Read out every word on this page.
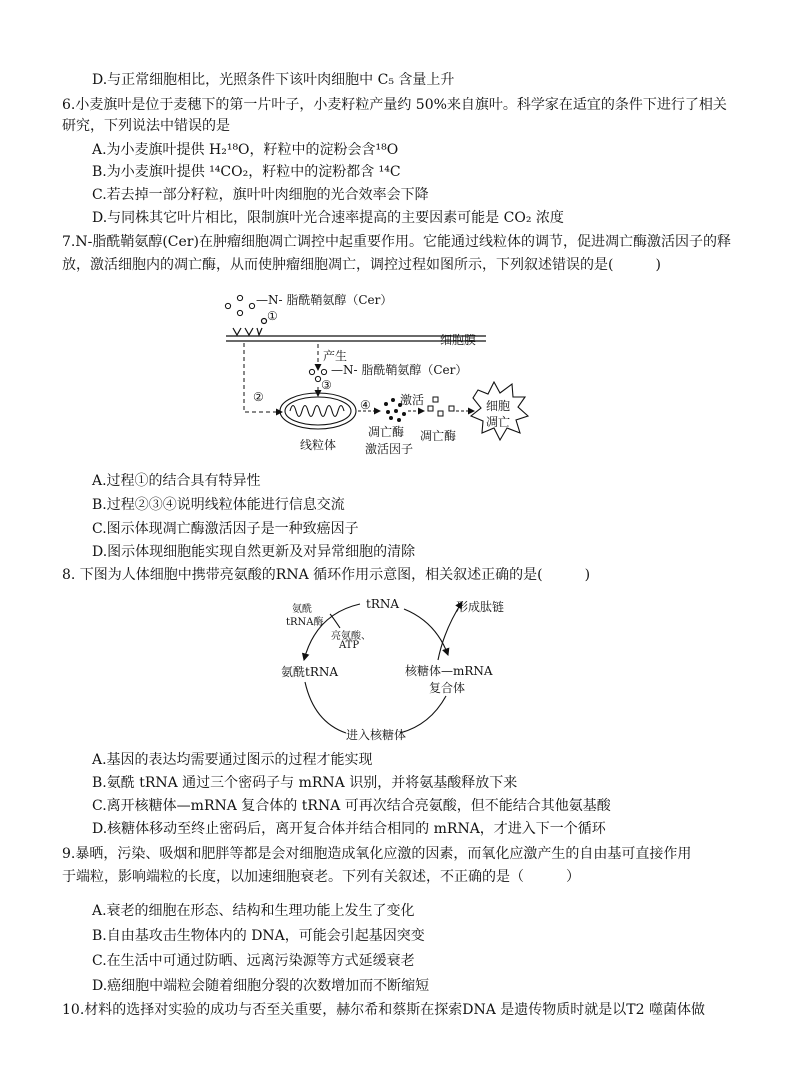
D.与正常细胞相比，光照条件下该叶肉细胞中 C₅ 含量上升
6.小麦旗叶是位于麦穗下的第一片叶子，小麦籽粒产量约 50%来自旗叶。科学家在适宜的条件下进行了相关
研究，下列说法中错误的是
A.为小麦旗叶提供 H₂¹⁸O，籽粒中的淀粉会含¹⁸O
B.为小麦旗叶提供 ¹⁴CO₂，籽粒中的淀粉都含 ¹⁴C
C.若去掉一部分籽粒，旗叶叶肉细胞的光合效率会下降
D.与同株其它叶片相比，限制旗叶光合速率提高的主要因素可能是 CO₂ 浓度
7.N-脂酰鞘氨醇(Cer)在肿瘤细胞凋亡调控中起重要作用。它能通过线粒体的调节，促进凋亡酶激活因子的释
放，激活细胞内的凋亡酶，从而使肿瘤细胞凋亡，调控过程如图所示，下列叙述错误的是(　　　)
—N- 脂酰鞘氨醇（Cer）
①
细胞膜
产生
—N- 脂酰鞘氨醇（Cer）
③
②
④ 激活
线粒体
凋亡酶
激活因子
凋亡酶
细胞
凋亡
A.过程①的结合具有特异性
B.过程②③④说明线粒体能进行信息交流
C.图示体现凋亡酶激活因子是一种致癌因子
D.图示体现细胞能实现自然更新及对异常细胞的清除
8. 下图为人体细胞中携带亮氨酸的RNA 循环作用示意图，相关叙述正确的是(　　　)
tRNA
氨酰
tRNA酶
亮氨酸、
ATP
形成肽链
氨酰tRNA	核糖体—mRNA
复合体
进入核糖体
A.基因的表达均需要通过图示的过程才能实现
B.氨酰 tRNA 通过三个密码子与 mRNA 识别，并将氨基酸释放下来
C.离开核糖体—mRNA 复合体的 tRNA 可再次结合亮氨酸，但不能结合其他氨基酸
D.核糖体移动至终止密码后，离开复合体并结合相同的 mRNA，才进入下一个循环
9.暴晒，污染、吸烟和肥胖等都是会对细胞造成氧化应激的因素，而氧化应激产生的自由基可直接作用
于端粒，影响端粒的长度，以加速细胞衰老。下列有关叙述，不正确的是（　　　）
A.衰老的细胞在形态、结构和生理功能上发生了变化
B.自由基攻击生物体内的 DNA，可能会引起基因突变
C.在生活中可通过防晒、远离污染源等方式延缓衰老
D.癌细胞中端粒会随着细胞分裂的次数增加而不断缩短
10.材料的选择对实验的成功与否至关重要，赫尔希和蔡斯在探索DNA 是遗传物质时就是以T2 噬菌体做
